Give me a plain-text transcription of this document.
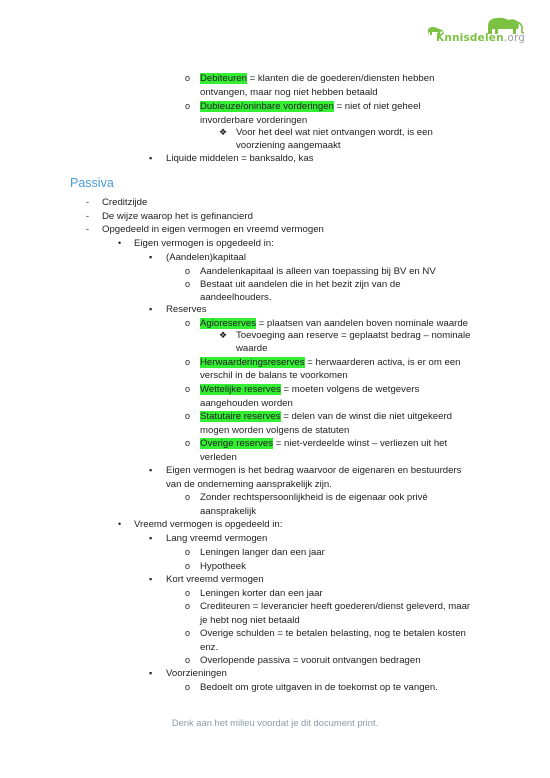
Knnisdelen.org
Passiva
o Debiteuren = klanten die de goederen/diensten hebben
ontvangen, maar nog niet hebben betaald
o Dubieuze/oninbare vorderingen = niet of niet geheel
invorderbare vorderingen
❖ Voor het deel wat niet ontvangen wordt, is een
voorziening aangemaakt
▪ Liquide middelen = banksaldo, kas
- Creditzijde
- De wijze waarop het is gefinancierd
- Opgedeeld in eigen vermogen en vreemd vermogen
• Eigen vermogen is opgedeeld in:
▪ (Aandelen)kapitaal
o Aandelenkapitaal is alleen van toepassing bij BV en NV
o Bestaat uit aandelen die in het bezit zijn van de
aandeelhouders.
▪ Reserves
o Agioreserves = plaatsen van aandelen boven nominale waarde
❖ Toevoeging aan reserve = geplaatst bedrag – nominale
waarde
o Herwaarderingsreserves = herwaarderen activa, is er om een
verschil in de balans te voorkomen
o Wettelijke reserves = moeten volgens de wetgevers
aangehouden worden
o Statutaire reserves = delen van de winst die niet uitgekeerd
mogen worden volgens de statuten
o Overige reserves = niet-verdeelde winst – verliezen uit het
verleden
▪ Eigen vermogen is het bedrag waarvoor de eigenaren en bestuurders
van de onderneming aansprakelijk zijn.
o Zonder rechtspersoonlijkheid is de eigenaar ook privé
aansprakelijk
• Vreemd vermogen is opgedeeld in:
▪ Lang vreemd vermogen
o Leningen langer dan een jaar
o Hypotheek
▪ Kort vreemd vermogen
o Leningen korter dan een jaar
o Crediteuren = leverancier heeft goederen/dienst geleverd, maar
je hebt nog niet betaald
o Overige schulden = te betalen belasting, nog te betalen kosten
enz.
o Overlopende passiva = vooruit ontvangen bedragen
▪ Voorzieningen
o Bedoelt om grote uitgaven in de toekomst op te vangen.
Denk aan het milieu voordat je dit document print.
